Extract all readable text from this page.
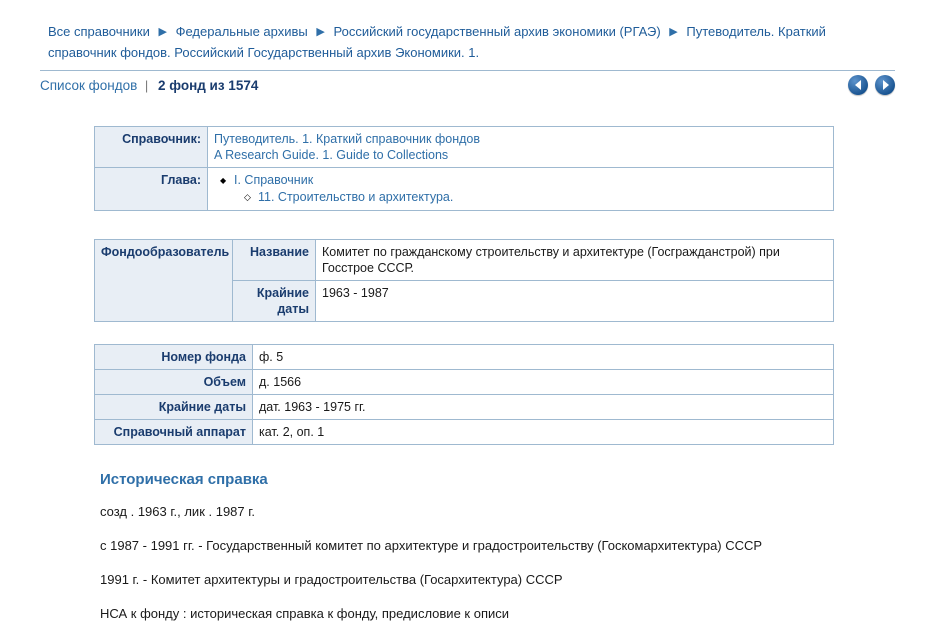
Все справочники ▶ Федеральные архивы ▶ Российский государственный архив экономики (РГАЭ) ▶ Путеводитель. Краткий справочник фондов. Российский Государственный архив Экономики. 1.
Список фондов | 2 фонд из 1574
Справочник:	Путеводитель. 1. Краткий справочник фондов
A Research Guide. 1. Guide to Collections
Глава:	
◆I. Справочник
◇ 11. Строительство и архитектура.
Фондообразователь	Название	Комитет по гражданскому строительству и архитектуре (Госгражданстрой) при Госстрое СССР.
	Крайние даты	1963 - 1987
Номер фонда	ф. 5
Объем	д. 1566
Крайние даты	дат. 1963 - 1975 гг.
Справочный аппарат	кат. 2, оп. 1
Историческая справка

созд . 1963 г., лик . 1987 г.

с 1987 - 1991 гг. - Государственный комитет по архитектуре и градостроительству (Госкомархитектура) СССР

1991 г. - Комитет архитектуры и градостроительства (Госархитектура) СССР

НСА к фонду : историческая справка к фонду, предисловие к описи
